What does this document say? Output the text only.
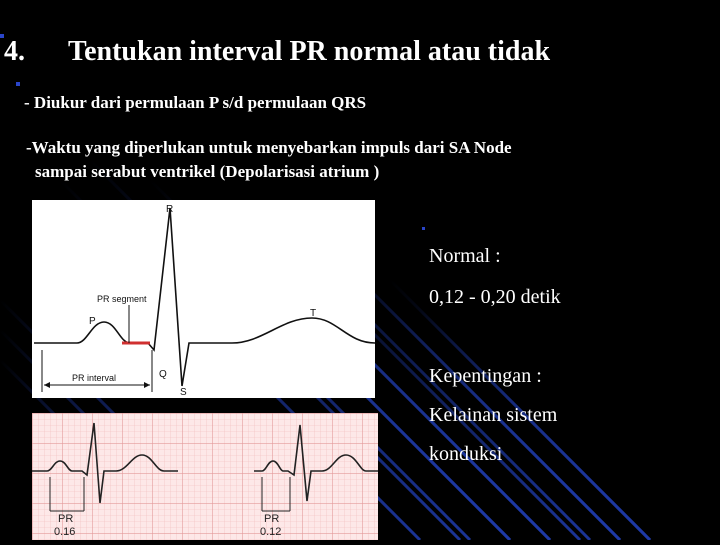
4. Tentukan interval PR normal atau tidak
- Diukur dari permulaan P s/d permulaan QRS
-Waktu yang diperlukan untuk menyebarkan impuls dari SA Node
sampai serabut ventrikel (Depolarisasi atrium )
R
P
Q
S
T
PR segment
PR interval
PR
0.16
PR
0.12
Normal :
0,12 - 0,20 detik
Kepentingan :
Kelainan sistem
konduksi
